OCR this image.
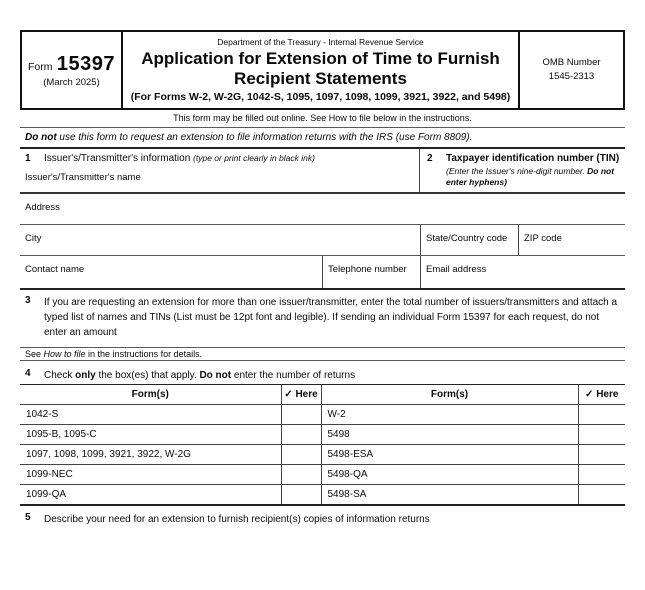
Form 15397
(March 2025)
Department of the Treasury - Internal Revenue Service
Application for Extension of Time to Furnish
Recipient Statements
(For Forms W-2, W-2G, 1042-S, 1095, 1097, 1098, 1099, 3921, 3922, and 5498)
OMB Number
1545-2313
This form may be filled out online. See How to file below in the instructions.
Do not use this form to request an extension to file information returns with the IRS (use Form 8809).
1	Issuer's/Transmitter's information (type or print clearly in black ink)
Issuer's/Transmitter's name
2	Taxpayer identification number (TIN)
(Enter the Issuer's nine-digit number. Do not enter hyphens)
Address
City	State/Country code	ZIP code
Contact name	Telephone number	Email address
3	If you are requesting an extension for more than one issuer/transmitter, enter the total number of issuers/transmitters and attach a typed list of names and TINs (List must be 12pt font and legible). If sending an individual Form 15397 for each request, do not enter an amount
See How to file in the instructions for details.
4	Check only the box(es) that apply. Do not enter the number of returns
Form(s)	✓ Here	Form(s)	✓ Here
1042-S		W-2	
1095-B, 1095-C		5498	
1097, 1098, 1099, 3921, 3922, W-2G		5498-ESA	
1099-NEC		5498-QA	
1099-QA		5498-SA	
5	Describe your need for an extension to furnish recipient(s) copies of information returns
